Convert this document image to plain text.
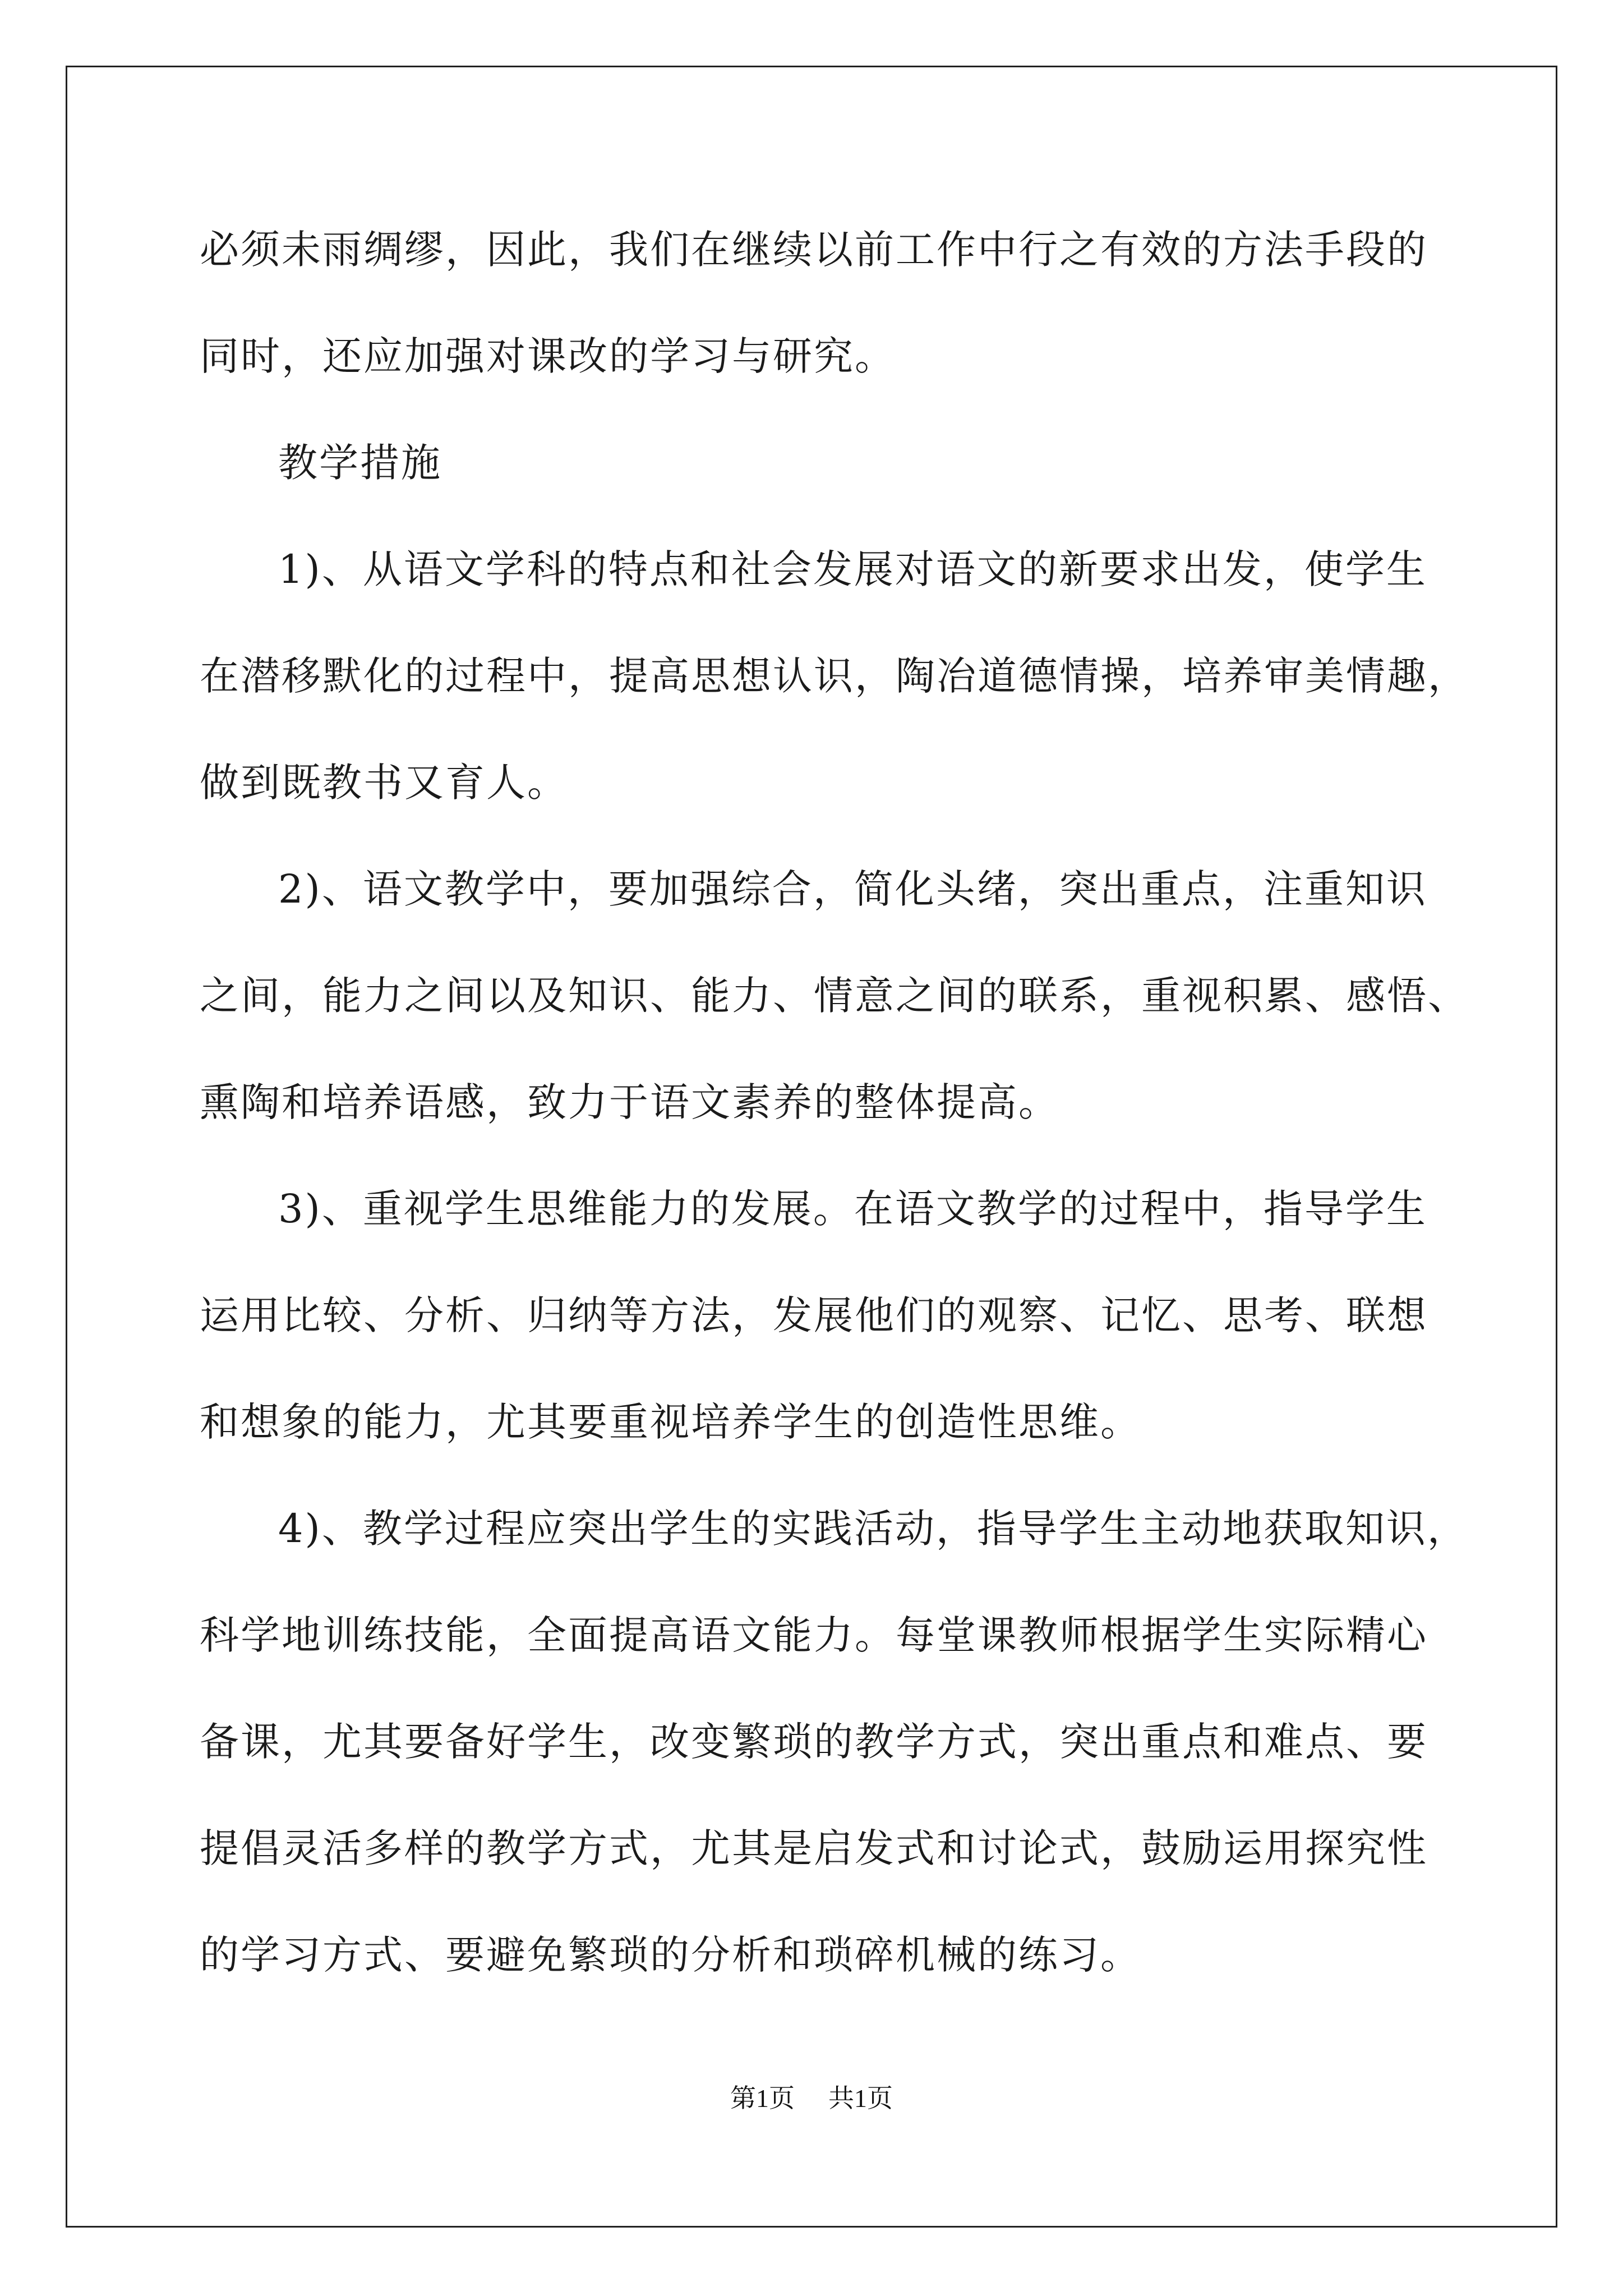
必须未雨绸缪，因此，我们在继续以前工作中行之有效的方法手段的
同时，还应加强对课改的学习与研究。
教学措施
1)、从语文学科的特点和社会发展对语文的新要求出发，使学生
在潜移默化的过程中，提高思想认识，陶冶道德情操，培养审美情趣，
做到既教书又育人。
2)、语文教学中，要加强综合，简化头绪，突出重点，注重知识
之间，能力之间以及知识、能力、情意之间的联系，重视积累、感悟、
熏陶和培养语感，致力于语文素养的整体提高。
3)、重视学生思维能力的发展。在语文教学的过程中，指导学生
运用比较、分析、归纳等方法，发展他们的观察、记忆、思考、联想
和想象的能力，尤其要重视培养学生的创造性思维。
4)、教学过程应突出学生的实践活动，指导学生主动地获取知识，
科学地训练技能，全面提高语文能力。每堂课教师根据学生实际精心
备课，尤其要备好学生，改变繁琐的教学方式，突出重点和难点、要
提倡灵活多样的教学方式，尤其是启发式和讨论式，鼓励运用探究性
的学习方式、要避免繁琐的分析和琐碎机械的练习。
第1页 共1页
